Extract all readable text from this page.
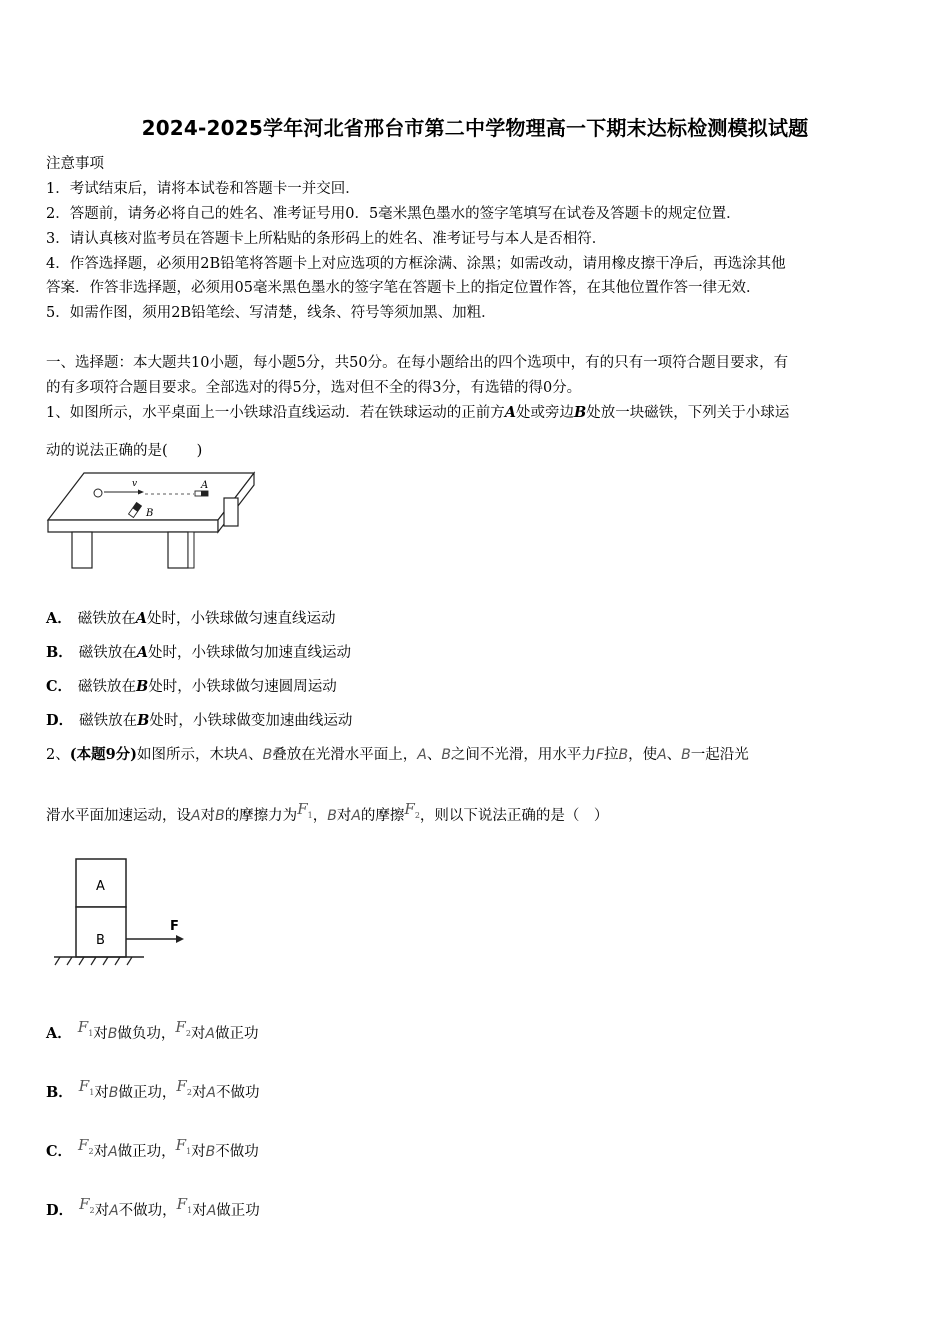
2024-2025学年河北省邢台市第二中学物理高一下期末达标检测模拟试题
注意事项
1．考试结束后，请将本试卷和答题卡一并交回．
2．答题前，请务必将自己的姓名、准考证号用0．5毫米黑色墨水的签字笔填写在试卷及答题卡的规定位置．
3．请认真核对监考员在答题卡上所粘贴的条形码上的姓名、准考证号与本人是否相符．
4．作答选择题，必须用2B铅笔将答题卡上对应选项的方框涂满、涂黑；如需改动，请用橡皮擦干净后，再选涂其他
答案．作答非选择题，必须用05毫米黑色墨水的签字笔在答题卡上的指定位置作答，在其他位置作答一律无效．
5．如需作图，须用2B铅笔绘、写清楚，线条、符号等须加黑、加粗．
一、选择题：本大题共10小题，每小题5分，共50分。在每小题给出的四个选项中，有的只有一项符合题目要求，有
的有多项符合题目要求。全部选对的得5分，选对但不全的得3分，有选错的得0分。
1、如图所示，水平桌面上一小铁球沿直线运动．若在铁球运动的正前方A处或旁边B处放一块磁铁，下列关于小球运
动的说法正确的是(　　)
v	A
B
A． 磁铁放在A处时，小铁球做匀速直线运动
B． 磁铁放在A处时，小铁球做匀加速直线运动
C． 磁铁放在B处时，小铁球做匀速圆周运动
D． 磁铁放在B处时，小铁球做变加速曲线运动
2、(本题9分)如图所示，木块A、B叠放在光滑水平面上，A、B之间不光滑，用水平力F拉B，使A、B一起沿光
滑水平面加速运动，设A对B的摩擦力为$F_1$，B对A的摩擦$F_2$，则以下说法正确的是（　）
A
B
F
A． $F_1$对B做负功，$F_2$对A做正功
B． $F_1$对B做正功，$F_2$对A不做功
C． $F_2$对A做正功，$F_1$对B不做功
D． $F_2$对A不做功，$F_1$对A做正功
